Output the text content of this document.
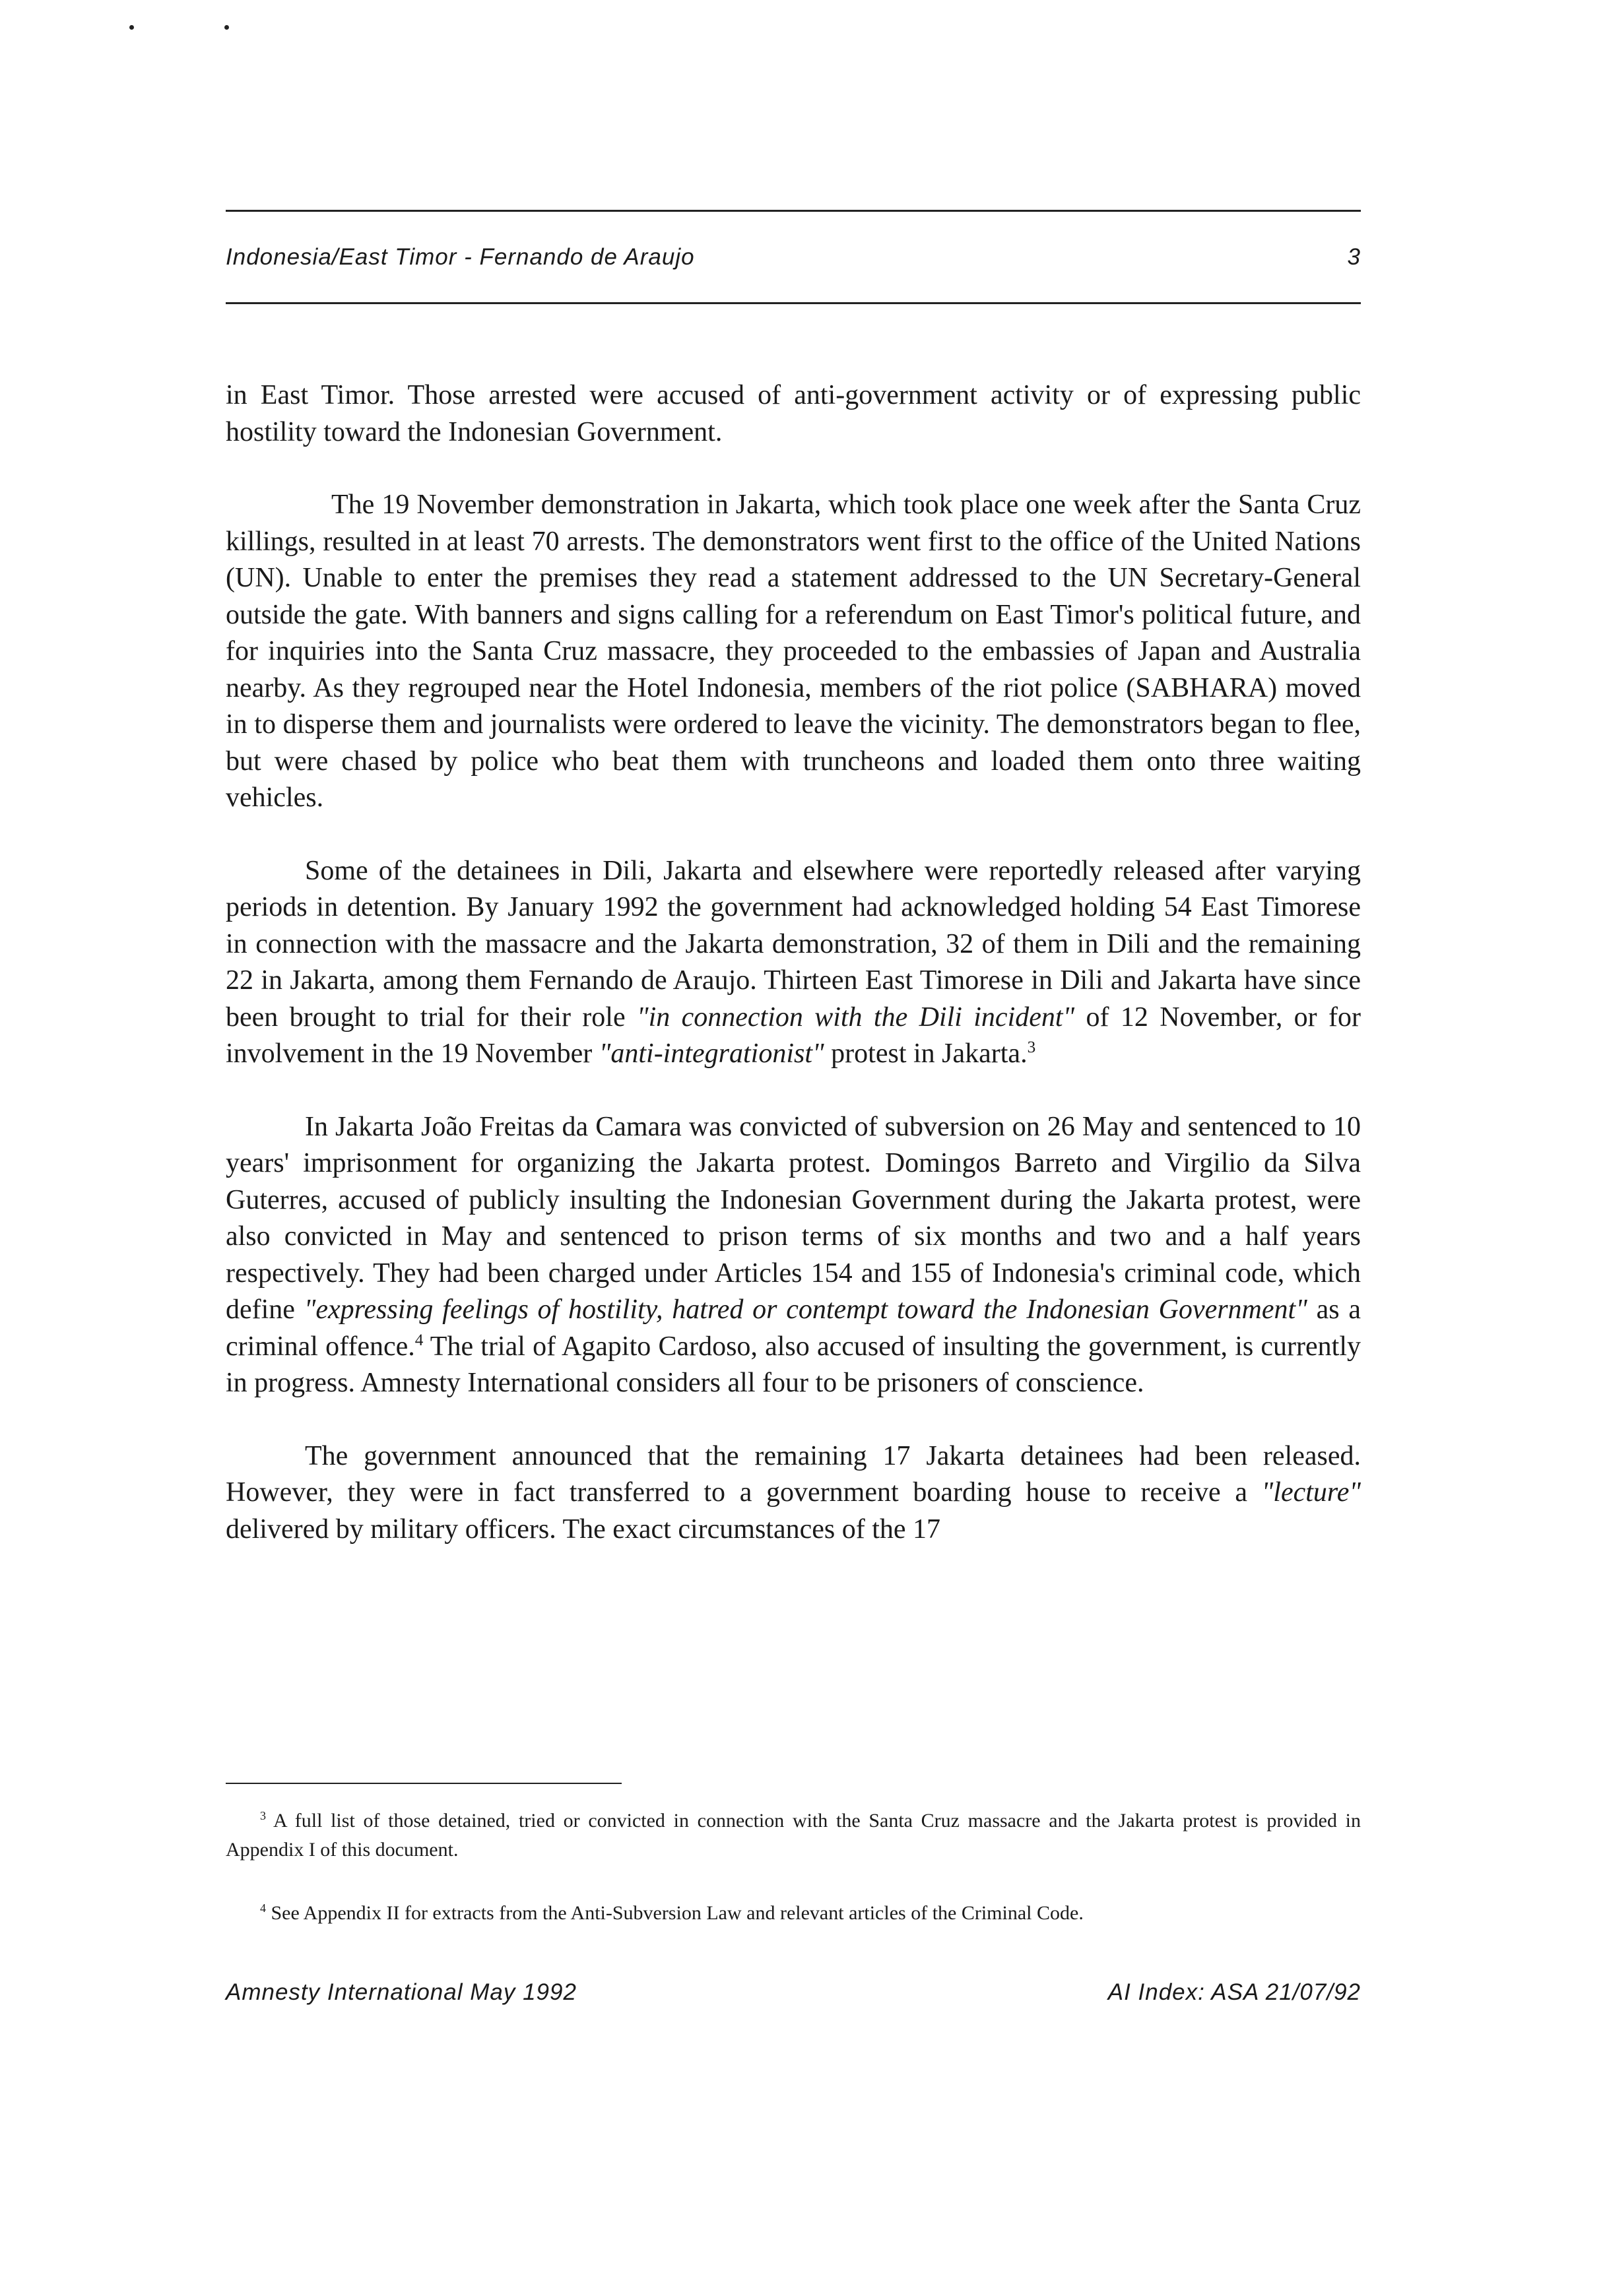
Indonesia/East Timor - Fernando de Araujo	3

in East Timor. Those arrested were accused of anti-government activity or of expressing public hostility toward the Indonesian Government.

The 19 November demonstration in Jakarta, which took place one week after the Santa Cruz killings, resulted in at least 70 arrests. The demonstrators went first to the office of the United Nations (UN). Unable to enter the premises they read a statement addressed to the UN Secretary-General outside the gate. With banners and signs calling for a referendum on East Timor's political future, and for inquiries into the Santa Cruz massacre, they proceeded to the embassies of Japan and Australia nearby. As they regrouped near the Hotel Indonesia, members of the riot police (SABHARA) moved in to disperse them and journalists were ordered to leave the vicinity. The demonstrators began to flee, but were chased by police who beat them with truncheons and loaded them onto three waiting vehicles.

Some of the detainees in Dili, Jakarta and elsewhere were reportedly released after varying periods in detention. By January 1992 the government had acknowledged holding 54 East Timorese in connection with the massacre and the Jakarta demonstration, 32 of them in Dili and the remaining 22 in Jakarta, among them Fernando de Araujo. Thirteen East Timorese in Dili and Jakarta have since been brought to trial for their role "in connection with the Dili incident" of 12 November, or for involvement in the 19 November "anti-integrationist" protest in Jakarta.$^3$

In Jakarta João Freitas da Camara was convicted of subversion on 26 May and sentenced to 10 years' imprisonment for organizing the Jakarta protest. Domingos Barreto and Virgilio da Silva Guterres, accused of publicly insulting the Indonesian Government during the Jakarta protest, were also convicted in May and sentenced to prison terms of six months and two and a half years respectively. They had been charged under Articles 154 and 155 of Indonesia's criminal code, which define "expressing feelings of hostility, hatred or contempt toward the Indonesian Government" as a criminal offence.$^4$ The trial of Agapito Cardoso, also accused of insulting the government, is currently in progress. Amnesty International considers all four to be prisoners of conscience.

The government announced that the remaining 17 Jakarta detainees had been released. However, they were in fact transferred to a government boarding house to receive a "lecture" delivered by military officers. The exact circumstances of the 17

$^3$ A full list of those detained, tried or convicted in connection with the Santa Cruz massacre and the Jakarta protest is provided in Appendix I of this document.
$^4$ See Appendix II for extracts from the Anti-Subversion Law and relevant articles of the Criminal Code.
Amnesty International May 1992	AI Index: ASA 21/07/92
